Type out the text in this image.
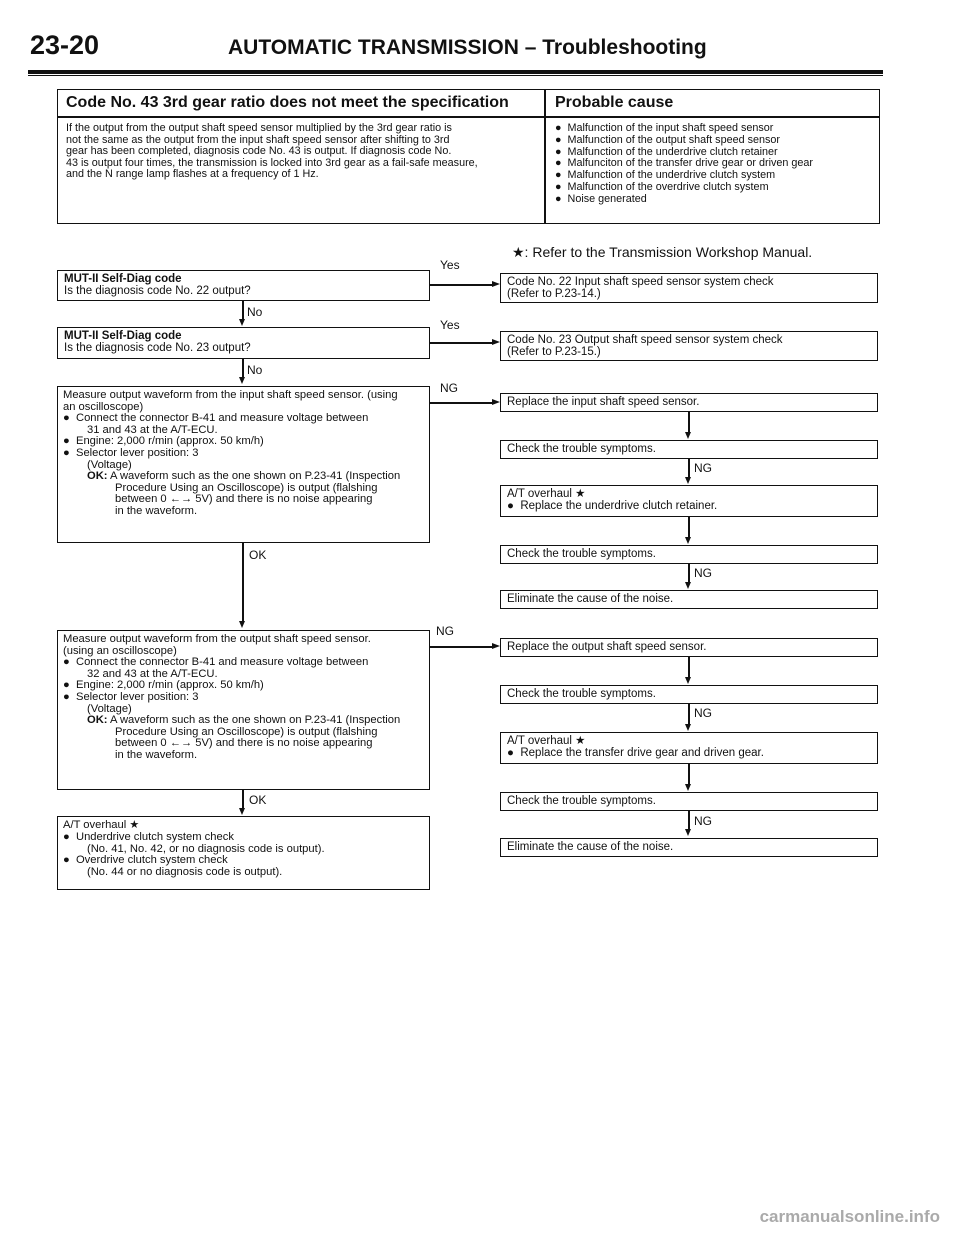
23-20	AUTOMATIC TRANSMISSION – Troubleshooting
Code No. 43 3rd gear ratio does not meet the specification	Probable cause
If the output from the output shaft speed sensor multiplied by the 3rd gear ratio is
not the same as the output from the input shaft speed sensor after shifting to 3rd
gear has been completed, diagnosis code No. 43 is output. If diagnosis code No.
43 is output four times, the transmission is locked into 3rd gear as a fail-safe measure,
and the N range lamp flashes at a frequency of 1 Hz.
●  Malfunction of the input shaft speed sensor
●  Malfunction of the output shaft speed sensor
●  Malfunction of the underdrive clutch retainer
●  Malfunciton of the transfer drive gear or driven gear
●  Malfunction of the underdrive clutch system
●  Malfunction of the overdrive clutch system
●  Noise generated
★: Refer to the Transmission Workshop Manual.
MUT-II Self-Diag code
Is the diagnosis code No. 22 output?
Yes
Code No. 22 Input shaft speed sensor system check
(Refer to P.23-14.)
No
MUT-II Self-Diag code
Is the diagnosis code No. 23 output?
Yes
Code No. 23 Output shaft speed sensor system check
(Refer to P.23-15.)
No
Measure output waveform from the input shaft speed sensor. (using
an oscilloscope)
●  Connect the connector B-41 and measure voltage between
31 and 43 at the A/T-ECU.
●  Engine: 2,000 r/min (approx. 50 km/h)
●  Selector lever position: 3
(Voltage)
OK: A waveform such as the one shown on P.23-41 (Inspection
Procedure Using an Oscilloscope) is output (flalshing
between 0 ←→ 5V) and there is no noise appearing
in the waveform.
NG
OK
Replace the input shaft speed sensor.
Check the trouble symptoms.
NG
A/T overhaul ★
●  Replace the underdrive clutch retainer.
Check the trouble symptoms.
NG
Eliminate the cause of the noise.
Measure output waveform from the output shaft speed sensor.
(using an oscilloscope)
●  Connect the connector B-41 and measure voltage between
32 and 43 at the A/T-ECU.
●  Engine: 2,000 r/min (approx. 50 km/h)
●  Selector lever position: 3
(Voltage)
OK: A waveform such as the one shown on P.23-41 (Inspection
Procedure Using an Oscilloscope) is output (flalshing
between 0 ←→ 5V) and there is no noise appearing
in the waveform.
NG
OK
Replace the output shaft speed sensor.
Check the trouble symptoms.
NG
A/T overhaul ★
●  Replace the transfer drive gear and driven gear.
Check the trouble symptoms.
NG
Eliminate the cause of the noise.
A/T overhaul ★
●  Underdrive clutch system check
(No. 41, No. 42, or no diagnosis code is output).
●  Overdrive clutch system check
(No. 44 or no diagnosis code is output).
carmanualsonline.info
